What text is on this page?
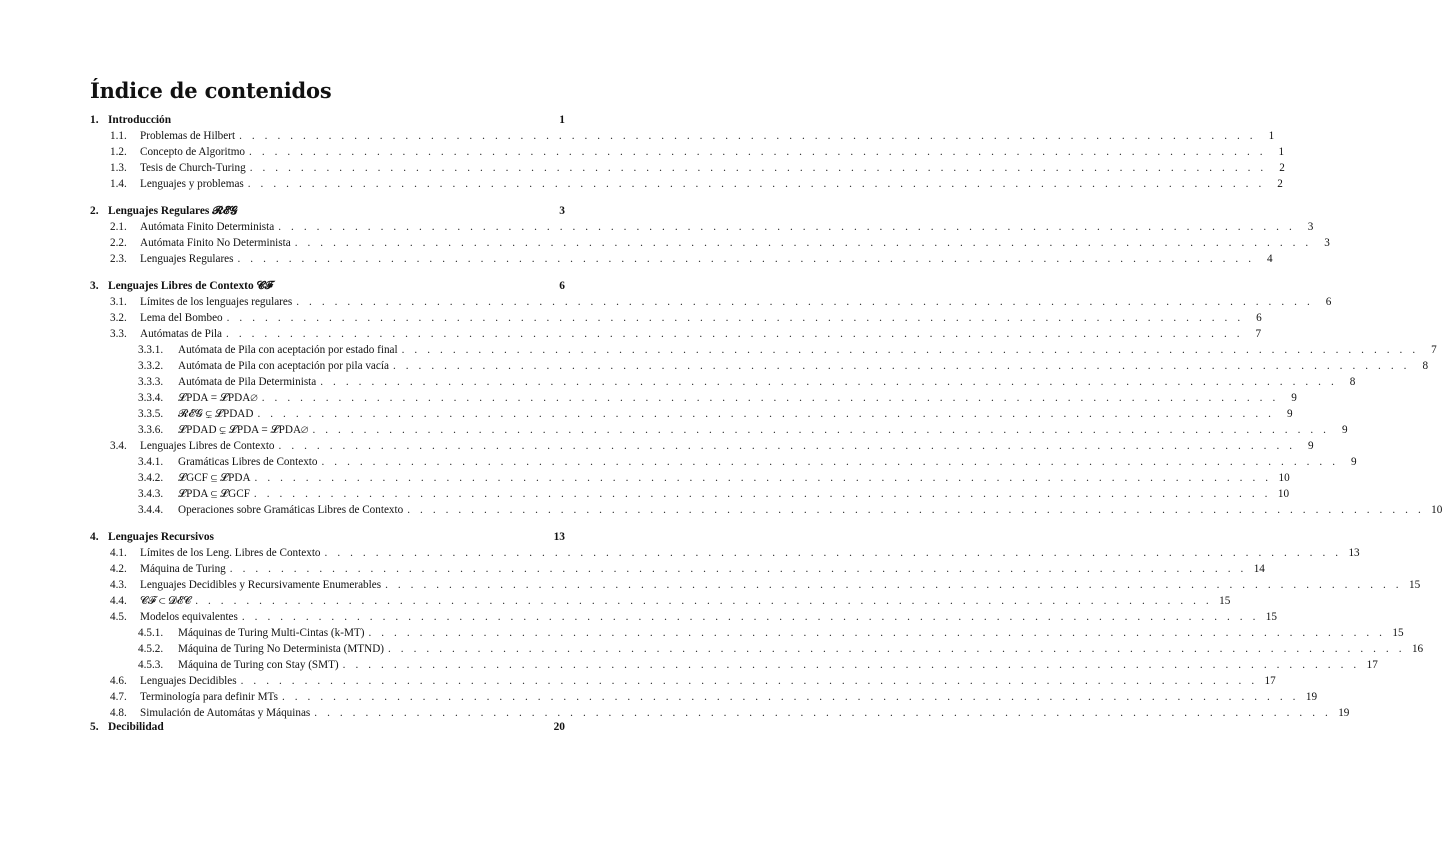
Índice de contenidos
1. Introducción	1
1.1.	Problemas de Hilbert . . . . . . . . . . . . . . . . . . . . . . . . . . . . . . . . . . . . . . . . . . . . . . . . . . . . . . . . . . . . . . . . . . . . . . . . . . . . . . . .	1
1.2.	Concepto de Algoritmo . . . . . . . . . . . . . . . . . . . . . . . . . . . . . . . . . . . . . . . . . . . . . . . . . . . . . . . . . . . . . . . . . . . . . . . . . . . . . . . .	1
1.3.	Tesis de Church-Turing . . . . . . . . . . . . . . . . . . . . . . . . . . . . . . . . . . . . . . . . . . . . . . . . . . . . . . . . . . . . . . . . . . . . . . . . . . . . . . . .	2
1.4.	Lenguajes y problemas . . . . . . . . . . . . . . . . . . . . . . . . . . . . . . . . . . . . . . . . . . . . . . . . . . . . . . . . . . . . . . . . . . . . . . . . . . . . . . . .	2
2. Lenguajes Regulares 𝓡𝓔𝓖	3
2.1.	Autómata Finito Determinista . . . . . . . . . . . . . . . . . . . . . . . . . . . . . . . . . . . . . . . . . . . . . . . . . . . . . . . . . . . . . . . . . . . . . . . . . . . . . . . .	3
2.2.	Autómata Finito No Determinista . . . . . . . . . . . . . . . . . . . . . . . . . . . . . . . . . . . . . . . . . . . . . . . . . . . . . . . . . . . . . . . . . . . . . . . . . . . . . . . .	3
2.3.	Lenguajes Regulares . . . . . . . . . . . . . . . . . . . . . . . . . . . . . . . . . . . . . . . . . . . . . . . . . . . . . . . . . . . . . . . . . . . . . . . . . . . . . . . .	4
3. Lenguajes Libres de Contexto 𝓒𝓕	6
3.1.	Límites de los lenguajes regulares . . . . . . . . . . . . . . . . . . . . . . . . . . . . . . . . . . . . . . . . . . . . . . . . . . . . . . . . . . . . . . . . . . . . . . . . . . . . . . . .	6
3.2.	Lema del Bombeo . . . . . . . . . . . . . . . . . . . . . . . . . . . . . . . . . . . . . . . . . . . . . . . . . . . . . . . . . . . . . . . . . . . . . . . . . . . . . . . .	6
3.3.	Autómatas de Pila . . . . . . . . . . . . . . . . . . . . . . . . . . . . . . . . . . . . . . . . . . . . . . . . . . . . . . . . . . . . . . . . . . . . . . . . . . . . . . . .	7
3.3.1.	Autómata de Pila con aceptación por estado final . . . . . . . . . . . . . . . . . . . . . . . . . . . . . . . . . . . . . . . . . . . . . . . . . . . . . . . . . . . . . . . . . . . . . . . . . . . . . . . .	7
3.3.2.	Autómata de Pila con aceptación por pila vacía . . . . . . . . . . . . . . . . . . . . . . . . . . . . . . . . . . . . . . . . . . . . . . . . . . . . . . . . . . . . . . . . . . . . . . . . . . . . . . . .	8
3.3.3.	Autómata de Pila Determinista . . . . . . . . . . . . . . . . . . . . . . . . . . . . . . . . . . . . . . . . . . . . . . . . . . . . . . . . . . . . . . . . . . . . . . . . . . . . . . . .	8
3.3.4.	𝓛PDA = 𝓛PDA∅ . . . . . . . . . . . . . . . . . . . . . . . . . . . . . . . . . . . . . . . . . . . . . . . . . . . . . . . . . . . . . . . . . . . . . . . . . . . . . . . .	9
3.3.5.	𝓡𝓔𝓖 ⊊ 𝓛PDAD . . . . . . . . . . . . . . . . . . . . . . . . . . . . . . . . . . . . . . . . . . . . . . . . . . . . . . . . . . . . . . . . . . . . . . . . . . . . . . . .	9
3.3.6.	𝓛PDAD ⊊ 𝓛PDA = 𝓛PDA∅ . . . . . . . . . . . . . . . . . . . . . . . . . . . . . . . . . . . . . . . . . . . . . . . . . . . . . . . . . . . . . . . . . . . . . . . . . . . . . . . .	9
3.4.	Lenguajes Libres de Contexto . . . . . . . . . . . . . . . . . . . . . . . . . . . . . . . . . . . . . . . . . . . . . . . . . . . . . . . . . . . . . . . . . . . . . . . . . . . . . . . .	9
3.4.1.	Gramáticas Libres de Contexto . . . . . . . . . . . . . . . . . . . . . . . . . . . . . . . . . . . . . . . . . . . . . . . . . . . . . . . . . . . . . . . . . . . . . . . . . . . . . . . .	9
3.4.2.	𝓛GCF ⊆ 𝓛PDA . . . . . . . . . . . . . . . . . . . . . . . . . . . . . . . . . . . . . . . . . . . . . . . . . . . . . . . . . . . . . . . . . . . . . . . . . . . . . . . . 10
3.4.3.	𝓛PDA ⊆ 𝓛GCF . . . . . . . . . . . . . . . . . . . . . . . . . . . . . . . . . . . . . . . . . . . . . . . . . . . . . . . . . . . . . . . . . . . . . . . . . . . . . . . . 10
3.4.4.	Operaciones sobre Gramáticas Libres de Contexto . . . . . . . . . . . . . . . . . . . . . . . . . . . . . . . . . . . . . . . . . . . . . . . . . . . . . . . . . . . . . . . . . . . . . . . . . . . . . . . . 10
4. Lenguajes Recursivos	13
4.1.	Límites de los Leng. Libres de Contexto . . . . . . . . . . . . . . . . . . . . . . . . . . . . . . . . . . . . . . . . . . . . . . . . . . . . . . . . . . . . . . . . . . . . . . . . . . . . . . . . 13
4.2.	Máquina de Turing . . . . . . . . . . . . . . . . . . . . . . . . . . . . . . . . . . . . . . . . . . . . . . . . . . . . . . . . . . . . . . . . . . . . . . . . . . . . . . . . 14
4.3.	Lenguajes Decidibles y Recursivamente Enumerables . . . . . . . . . . . . . . . . . . . . . . . . . . . . . . . . . . . . . . . . . . . . . . . . . . . . . . . . . . . . . . . . . . . . . . . . . . . . . . . . 15
4.4.	𝓒𝓕 ⊂ 𝓓𝓔𝓒 . . . . . . . . . . . . . . . . . . . . . . . . . . . . . . . . . . . . . . . . . . . . . . . . . . . . . . . . . . . . . . . . . . . . . . . . . . . . . . . . 15
4.5.	Modelos equivalentes . . . . . . . . . . . . . . . . . . . . . . . . . . . . . . . . . . . . . . . . . . . . . . . . . . . . . . . . . . . . . . . . . . . . . . . . . . . . . . . . 15
4.5.1.	Máquinas de Turing Multi-Cintas (k-MT) . . . . . . . . . . . . . . . . . . . . . . . . . . . . . . . . . . . . . . . . . . . . . . . . . . . . . . . . . . . . . . . . . . . . . . . . . . . . . . . . 15
4.5.2.	Máquina de Turing No Determinista (MTND) . . . . . . . . . . . . . . . . . . . . . . . . . . . . . . . . . . . . . . . . . . . . . . . . . . . . . . . . . . . . . . . . . . . . . . . . . . . . . . . . 16
4.5.3.	Máquina de Turing con Stay (SMT) . . . . . . . . . . . . . . . . . . . . . . . . . . . . . . . . . . . . . . . . . . . . . . . . . . . . . . . . . . . . . . . . . . . . . . . . . . . . . . . . 17
4.6.	Lenguajes Decidibles . . . . . . . . . . . . . . . . . . . . . . . . . . . . . . . . . . . . . . . . . . . . . . . . . . . . . . . . . . . . . . . . . . . . . . . . . . . . . . . . 17
4.7.	Terminología para definir MTs . . . . . . . . . . . . . . . . . . . . . . . . . . . . . . . . . . . . . . . . . . . . . . . . . . . . . . . . . . . . . . . . . . . . . . . . . . . . . . . . 19
4.8.	Simulación de Automátas y Máquinas . . . . . . . . . . . . . . . . . . . . . . . . . . . . . . . . . . . . . . . . . . . . . . . . . . . . . . . . . . . . . . . . . . . . . . . . . . . . . . . . 19
5. Decibilidad	20
